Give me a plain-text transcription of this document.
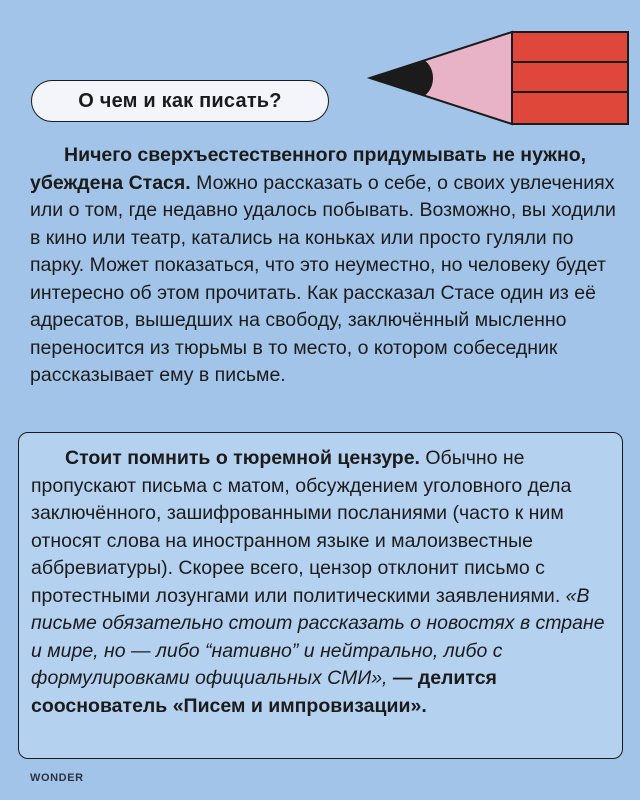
О чем и как писать?
Ничего сверхъестественного придумывать не нужно, убеждена Стася. Можно рассказать о себе, о своих увлечениях или о том, где недавно удалось побывать. Возможно, вы ходили в кино или театр, катались на коньках или просто гуляли по парку. Может показаться, что это неуместно, но человеку будет интересно об этом прочитать. Как рассказал Стасе один из её адресатов, вышедших на свободу, заключённый мысленно переносится из тюрьмы в то место, о котором собеседник рассказывает ему в письме.

Стоит помнить о тюремной цензуре. Обычно не пропускают письма с матом, обсуждением уголовного дела заключённого, зашифрованными посланиями (часто к ним относят слова на иностранном языке и малоизвестные аббревиатуры). Скорее всего, цензор отклонит письмо с протестными лозунгами или политическими заявлениями. «В письме обязательно стоит рассказать о новостях в стране и мире, но — либо “нативно” и нейтрально, либо с формулировками официальных СМИ», — делится сооснователь «Писем и импровизации».

WONDER
